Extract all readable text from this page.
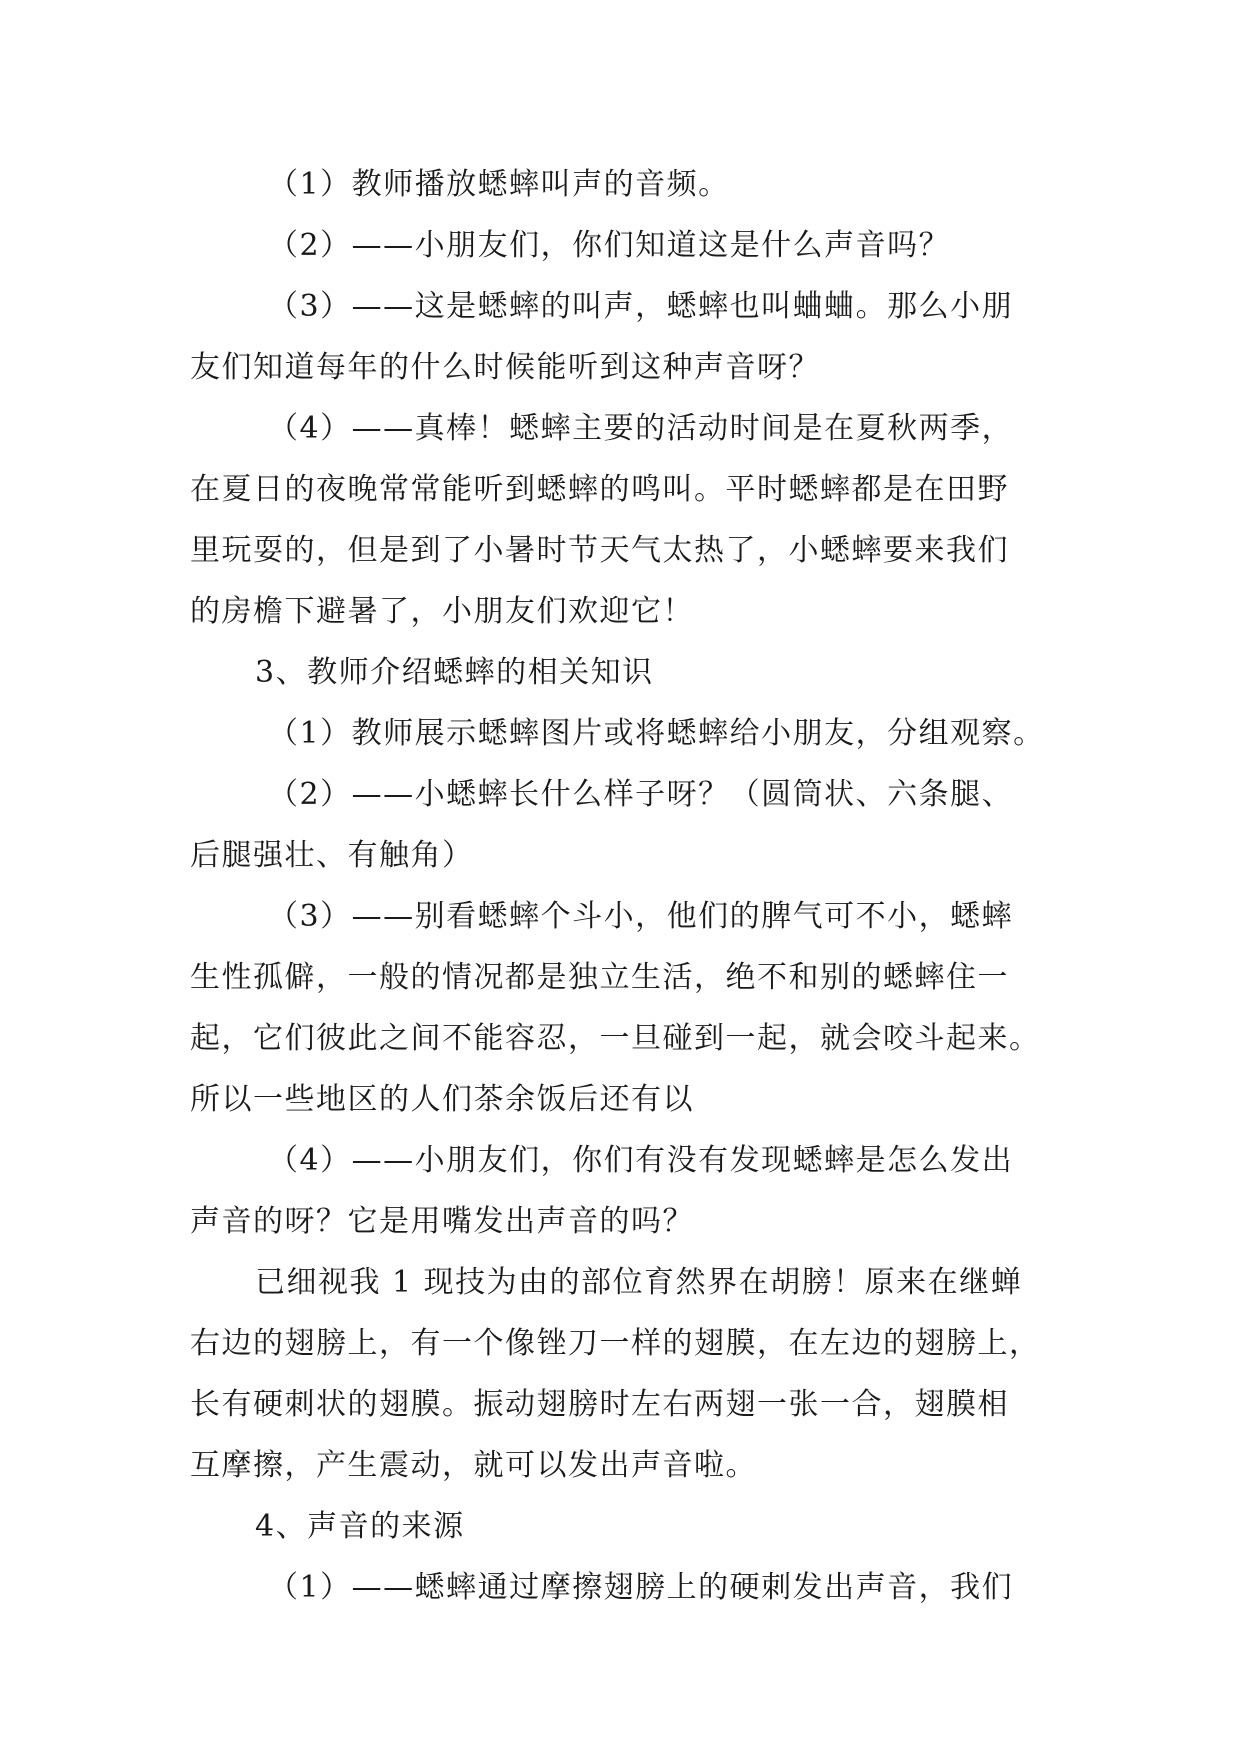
（1）教师播放蟋蟀叫声的音频。
（2）——小朋友们，你们知道这是什么声音吗？
（3）——这是蟋蟀的叫声，蟋蟀也叫蛐蛐。那么小朋
友们知道每年的什么时候能听到这种声音呀？
（4）——真棒！蟋蟀主要的活动时间是在夏秋两季，
在夏日的夜晚常常能听到蟋蟀的鸣叫。平时蟋蟀都是在田野
里玩耍的，但是到了小暑时节天气太热了，小蟋蟀要来我们
的房檐下避暑了，小朋友们欢迎它！
3、教师介绍蟋蟀的相关知识
（1）教师展示蟋蟀图片或将蟋蟀给小朋友，分组观察。
（2）——小蟋蟀长什么样子呀？（圆筒状、六条腿、
后腿强壮、有触角）
（3）——别看蟋蟀个斗小，他们的脾气可不小，蟋蟀
生性孤僻，一般的情况都是独立生活，绝不和别的蟋蟀住一
起，它们彼此之间不能容忍，一旦碰到一起，就会咬斗起来。
所以一些地区的人们茶余饭后还有以
（4）——小朋友们，你们有没有发现蟋蟀是怎么发出
声音的呀？它是用嘴发出声音的吗？
已细视我 1 现技为由的部位育然界在胡膀！原来在继蝉
右边的翅膀上，有一个像锉刀一样的翅膜，在左边的翅膀上，
长有硬刺状的翅膜。振动翅膀时左右两翅一张一合，翅膜相
互摩擦，产生震动，就可以发出声音啦。
4、声音的来源
（1）——蟋蟀通过摩擦翅膀上的硬刺发出声音，我们
